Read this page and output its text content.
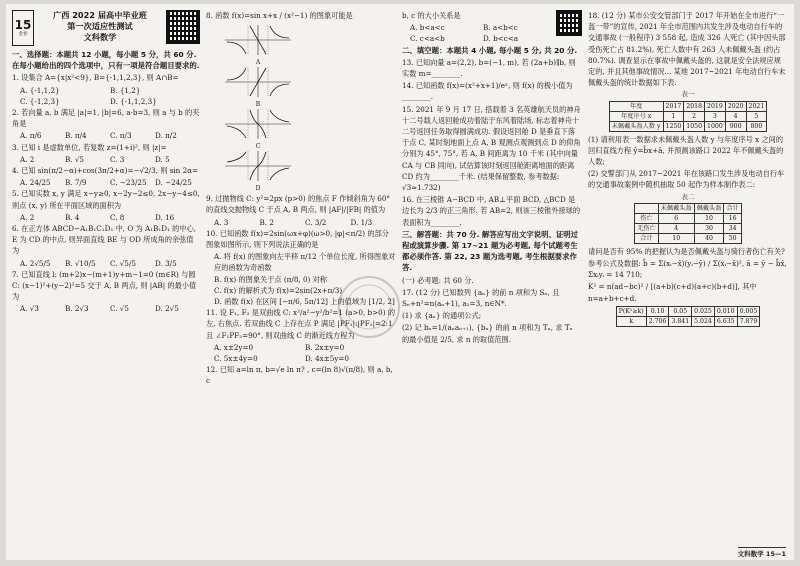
15
金卷
广西 2022 届高中毕业班
第一次适应性测试
文科数学
一、选择题：本题共 12 小题，每小题 5 分，共 60 分. 在每小题给出的四个选项中，只有一项是符合题目要求的.
1. 设集合 A={x|x²<9}, B={-1,1,2,3}, 则 A∩B=
A. {-1,1,2}	B. {1,2}
C. {-1,2,3}	D. {-1,1,2,3}
2. 若向量 a, b 满足 |a|=1, |b|=6, a·b=3, 则 a 与 b 的夹角是
A. π/6	B. π/4	C. π/3	D. π/2
3. 已知 i 是虚数单位, 若复数 z=(1+i)², 则 |z|=
A. 2	B. √5	C. 3	D. 5
4. 已知 sin(π/2−α)+cos(3π/2+α)=−√2/3, 则 sin 2α=
A. 24/25	B. 7/9	C. −23/25	D. −24/25
5. 已知实数 x, y 满足 x−y≥0, x−2y−2≤0, 2x−y−4≤0, 则点 (x, y) 所在平面区域的面积为
A. 2	B. 4	C. 8	D. 16
6. 在正方体 ABCD−A₁B₁C₁D₁ 中, O 为 A₁B₁D₁ 的中心, E 为 CD 的中点, 则异面直线 BE 与 OD 所成角的余弦值为
A. 2√5/5	B. √10/5	C. √5/5	D. 3/5
7. 已知直线 l: (m+2)x−(m+1)y+m−1=0 (m∈R) 与圆 C: (x−1)²+(y−2)²=5 交于 A, B 两点, 则 |AB| 的最小值为
A. √3	B. 2√3	C. √5	D. 2√5
8. 函数 f(x)=sin x+x / (x²−1) 的图象可能是
A
B
C
D
9. 过抛物线 C: y²=2px (p>0) 的焦点 F 作倾斜角为 60° 的直线交抛物线 C 于点 A, B 两点, 则 |AF|/|FB| 的值为
A. 3	B. 2	C. 3/2	D. 1/3
10. 已知函数 f(x)=2sin(ωx+φ)(ω>0, |φ|<π/2) 的部分图象如图所示, 则下列说法正确的是
A. 将 f(x) 的图象向左平移 π/12 个单位长度, 所得图象对应的函数为奇函数
B. f(x) 的图象关于点 (π/8, 0) 对称
C. f(x) 的解析式为 f(x)=2sin(2x+π/3)
D. 函数 f(x) 在区间 [−π/6, 5π/12] 上的值域为 [1/2, 2]
11. 设 F₁, F₂ 是双曲线 C: x²/a²−y²/b²=1 (a>0, b>0) 的左, 右焦点. 若双曲线 C 上存在点 P 满足 |PF₁|:|PF₂|=2:1 且 ∠F₁PF₂=90°, 则双曲线 C 的渐近线方程为
A. x±2y=0	B. 2x±y=0
C. 5x±4y=0	D. 4x±5y=0
12. 已知 a=ln π, b=√e ln π? , c=(ln 8)√(π/8), 则 a, b, c
b, c 的大小关系是
A. b<a<c	B. a<b<c
C. c<a<b	D. b<c<a
二、填空题：本题共 4 小题, 每小题 5 分, 共 20 分.
13. 已知向量 a=(2,2), b=(−1, m), 若 (2a+b)∥b, 则实数 m=________.
14. 已知函数 f(x)=(x²+x+1)/eˣ, 则 f(x) 的极小值为________.
15. 2021 年 9 月 17 日, 搭载着 3 名英雄航天员的神舟十二号载人返回舱成功着陆于东风着陆场, 标志着神舟十二号返回任务取得圆满成功. 假设返回舱 D 是垂直下落于点 C, 某时刻地面上点 A, B 观测点观测到点 D 的仰角分别为 45°, 75°, 若 A, B 间距离为 10 千米 (其中向量 CA 与 CB 同向), 试估算该时刻返回舱距离地面的距离 CD 约为________千米. (结果保留整数, 参考数据: √3≈1.732)
16. 在三棱锥 A−BCD 中, AB⊥平面 BCD, △BCD 是边长为 2/3 的正三角形. 若 AB=2, 则该三棱锥外接球的表面积为________.
三、解答题：共 70 分. 解答应写出文字说明、证明过程或演算步骤. 第 17~21 题为必考题, 每个试题考生都必须作答. 第 22, 23 题为选考题, 考生根据要求作答.
(一) 必考题: 共 60 分.
17. (12 分) 已知数列 {aₙ} 的前 n 项和为 Sₙ, 且 Sₙ+n²=n(aₙ+1), a₂=3, n∈N*.
(1) 求 {aₙ} 的通项公式;
(2) 记 bₙ=1/(aₙaₙ₊₁), {bₙ} 的前 n 项和为 Tₙ, 求 Tₙ 的最小值是 2/5, 求 n 的取值范围.
18. (12 分) 某市公安交管部门于 2017 年开始在全市进行“一盔一带”的宣传, 2021 年全市范围内共发生涉及电动自行车的交通事故 (一般程序) 3 558 起, 造成 326 人死亡 (其中因头部受伤死亡占 81.2%), 死亡人数中有 263 人未佩戴头盔 (约占 80.7%). 调查显示在事故中佩戴头盔的, 这就是安全法规应规定的, 并且其他事故情况... 某地 2017~2021 年电动自行车未佩戴头盔的统计数据如下表.
表一
年度	2017	2018	2019	2020	2021
年度序号 x	1	2	3	4	5
未佩戴头盔人数 y	1250	1050	1000	900	800
(1) 请利用表一数据求未佩戴头盔人数 y 与年度序号 x 之间的回归直线方程 ŷ=b̂x+â, 并预测该路口 2022 年不佩戴头盔的人数;
(2) 交警部门从 2017~2021 年在该路口发生涉及电动自行车的交通事故案例中随机抽取 50 起作为样本制作表二:
表二
	未佩戴头盔	佩戴头盔	合计
伤亡	6	10	16
无伤亡	4	30	34
合计	10	40	50
请问是否有 95% 的把握认为是否佩戴头盔与骑行者伤亡有关?
参考公式及数据: b̂ = Σ(xᵢ−x̄)(yᵢ−ȳ) / Σ(xᵢ−x̄)², â = ȳ − b̂x̄, Σxᵢyᵢ = 14 710;
K² = n(ad−bc)² / [(a+b)(c+d)(a+c)(b+d)], 其中 n=a+b+c+d.
P(K²≥k)	0.10	0.05	0.025	0.010	0.005
k	2.706	3.841	5.024	6.635	7.879
文科数学 15—1
